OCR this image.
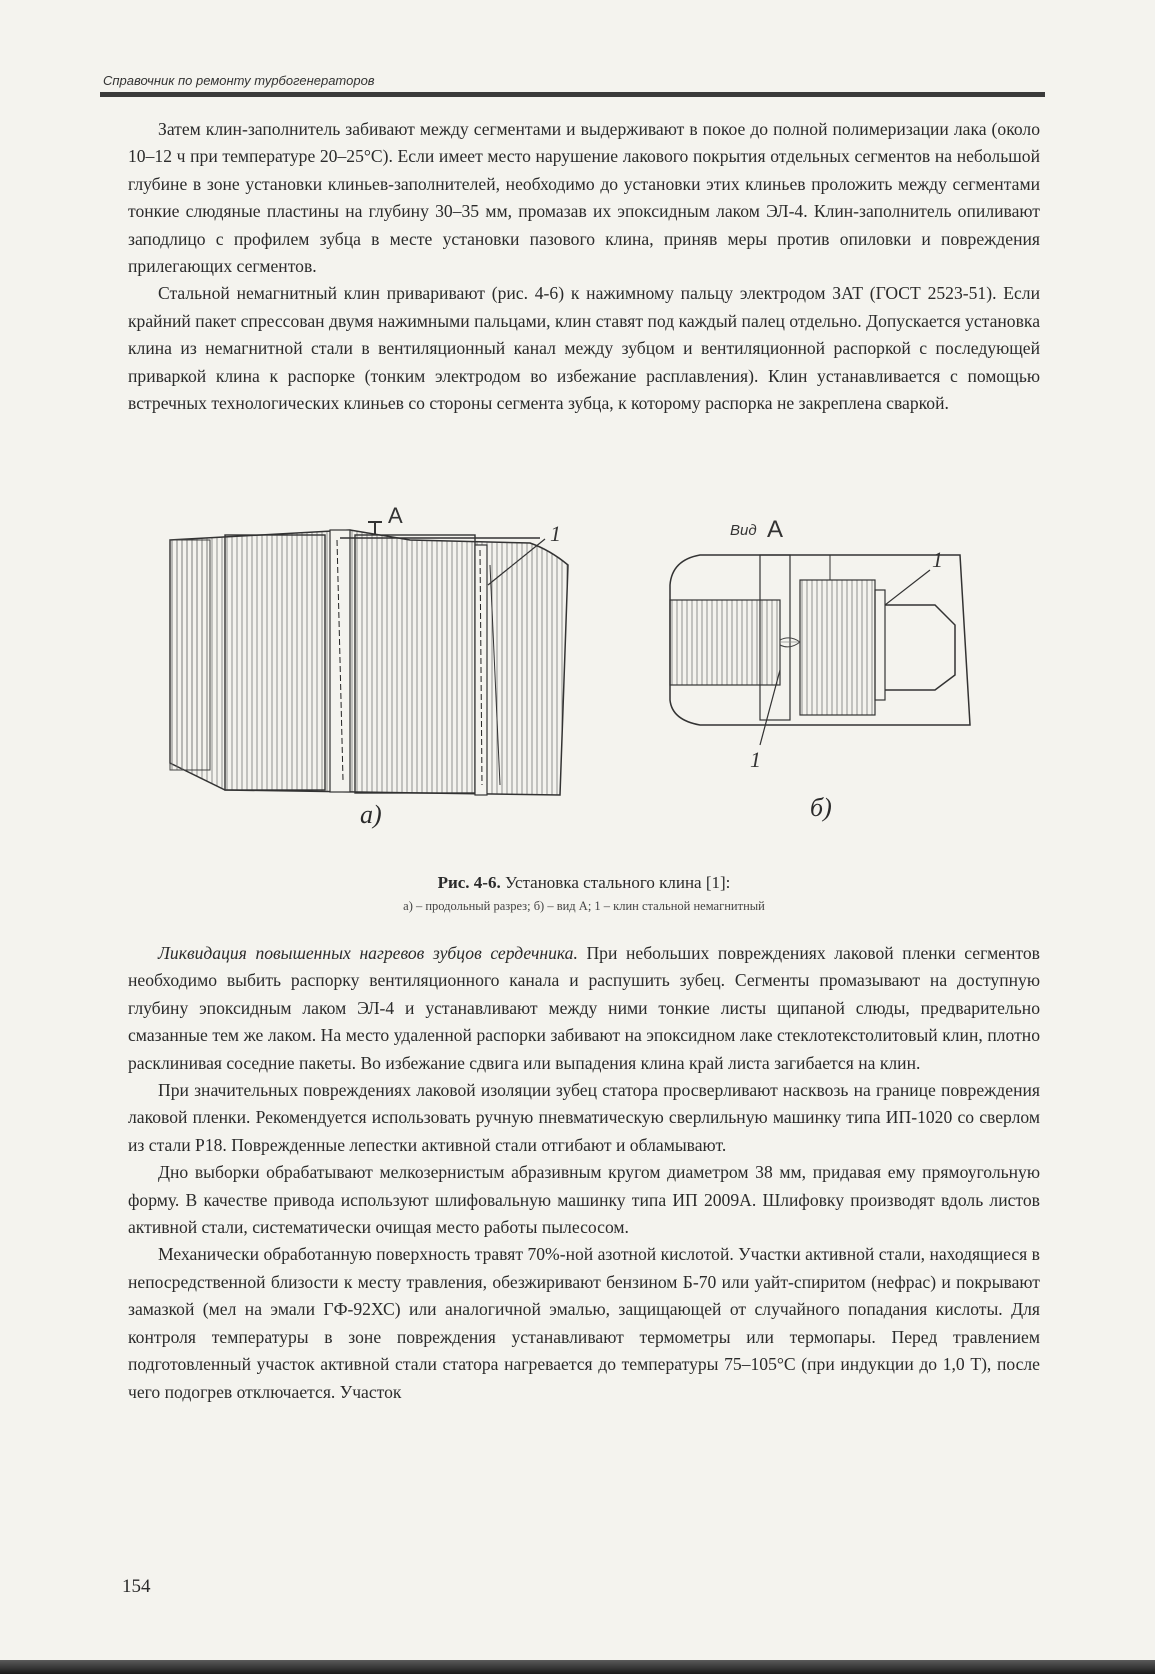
Справочник по ремонту турбогенераторов

Затем клин-заполнитель забивают между сегментами и выдерживают в покое до полной полимеризации лака (около 10–12 ч при температуре 20–25°С). Если имеет место нарушение лакового покрытия отдельных сегментов на небольшой глубине в зоне установки клиньев-заполнителей, необходимо до установки этих клиньев проложить между сегментами тонкие слюдяные пластины на глубину 30–35 мм, промазав их эпоксидным лаком ЭЛ-4. Клин-заполнитель опиливают заподлицо с профилем зубца в месте установки пазового клина, приняв меры против опиловки и повреждения прилегающих сегментов.

Стальной немагнитный клин приваривают (рис. 4-6) к нажимному пальцу электродом ЗАТ (ГОСТ 2523-51). Если крайний пакет спрессован двумя нажимными пальцами, клин ставят под каждый палец отдельно. Допускается установка клина из немагнитной стали в вентиляционный канал между зубцом и вентиляционной распоркой с последующей приваркой клина к распорке (тонким электродом во избежание расплавления). Клин устанавливается с помощью встречных технологических клиньев со стороны сегмента зубца, к которому распорка не закреплена сваркой.

A
1	Вид A
1
1
a)	б)
Рис. 4-6. Установка стального клина [1]:
а) – продольный разрез; б) – вид А; 1 – клин стальной немагнитный

Ликвидация повышенных нагревов зубцов сердечника. При небольших повреждениях лаковой пленки сегментов необходимо выбить распорку вентиляционного канала и распушить зубец. Сегменты промазывают на доступную глубину эпоксидным лаком ЭЛ-4 и устанавливают между ними тонкие листы щипаной слюды, предварительно смазанные тем же лаком. На место удаленной распорки забивают на эпоксидном лаке стеклотекстолитовый клин, плотно расклинивая соседние пакеты. Во избежание сдвига или выпадения клина край листа загибается на клин.

При значительных повреждениях лаковой изоляции зубец статора просверливают насквозь на границе повреждения лаковой пленки. Рекомендуется использовать ручную пневматическую сверлильную машинку типа ИП-1020 со сверлом из стали Р18. Поврежденные лепестки активной стали отгибают и обламывают.

Дно выборки обрабатывают мелкозернистым абразивным кругом диаметром 38 мм, придавая ему прямоугольную форму. В качестве привода используют шлифовальную машинку типа ИП 2009А. Шлифовку производят вдоль листов активной стали, систематически очищая место работы пылесосом.

Механически обработанную поверхность травят 70%-ной азотной кислотой. Участки активной стали, находящиеся в непосредственной близости к месту травления, обезжиривают бензином Б-70 или уайт-спиритом (нефрас) и покрывают замазкой (мел на эмали ГФ-92ХС) или аналогичной эмалью, защищающей от случайного попадания кислоты. Для контроля температуры в зоне повреждения устанавливают термометры или термопары. Перед травлением подготовленный участок активной стали статора нагревается до температуры 75–105°С (при индукции до 1,0 Т), после чего подогрев отключается. Участок

154
